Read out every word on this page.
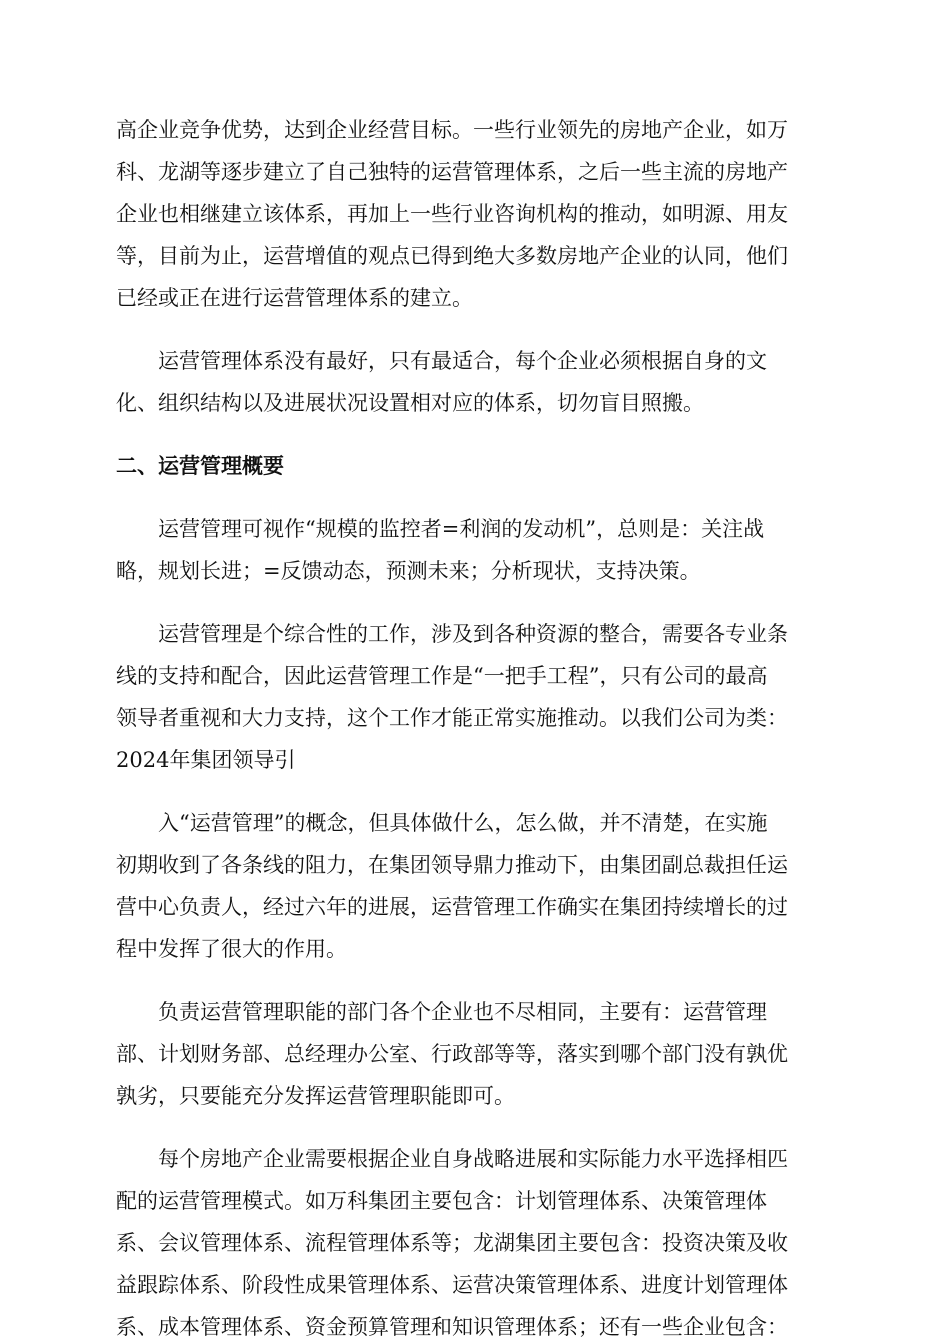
高企业竞争优势，达到企业经营目标。一些行业领先的房地产企业，如万

科、龙湖等逐步建立了自己独特的运营管理体系，之后一些主流的房地产

企业也相继建立该体系，再加上一些行业咨询机构的推动，如明源、用友

等，目前为止，运营增值的观点已得到绝大多数房地产企业的认同，他们

已经或正在进行运营管理体系的建立。

运营管理体系没有最好，只有最适合，每个企业必须根据自身的文

化、组织结构以及进展状况设置相对应的体系，切勿盲目照搬。

二、运营管理概要

运营管理可视作“规模的监控者=利润的发动机”，总则是：关注战

略，规划长进；=反馈动态，预测未来；分析现状，支持决策。

运营管理是个综合性的工作，涉及到各种资源的整合，需要各专业条

线的支持和配合，因此运营管理工作是“一把手工程”，只有公司的最高

领导者重视和大力支持，这个工作才能正常实施推动。以我们公司为类：

2024年集团领导引

入“运营管理”的概念，但具体做什么，怎么做，并不清楚，在实施

初期收到了各条线的阻力，在集团领导鼎力推动下，由集团副总裁担任运

营中心负责人，经过六年的进展，运营管理工作确实在集团持续增长的过

程中发挥了很大的作用。

负责运营管理职能的部门各个企业也不尽相同，主要有：运营管理

部、计划财务部、总经理办公室、行政部等等，落实到哪个部门没有孰优

孰劣，只要能充分发挥运营管理职能即可。

每个房地产企业需要根据企业自身战略进展和实际能力水平选择相匹

配的运营管理模式。如万科集团主要包含：计划管理体系、决策管理体

系、会议管理体系、流程管理体系等；龙湖集团主要包含：投资决策及收

益跟踪体系、阶段性成果管理体系、运营决策管理体系、进度计划管理体

系、成本管理体系、资金预算管理和知识管理体系；还有一些企业包含：
